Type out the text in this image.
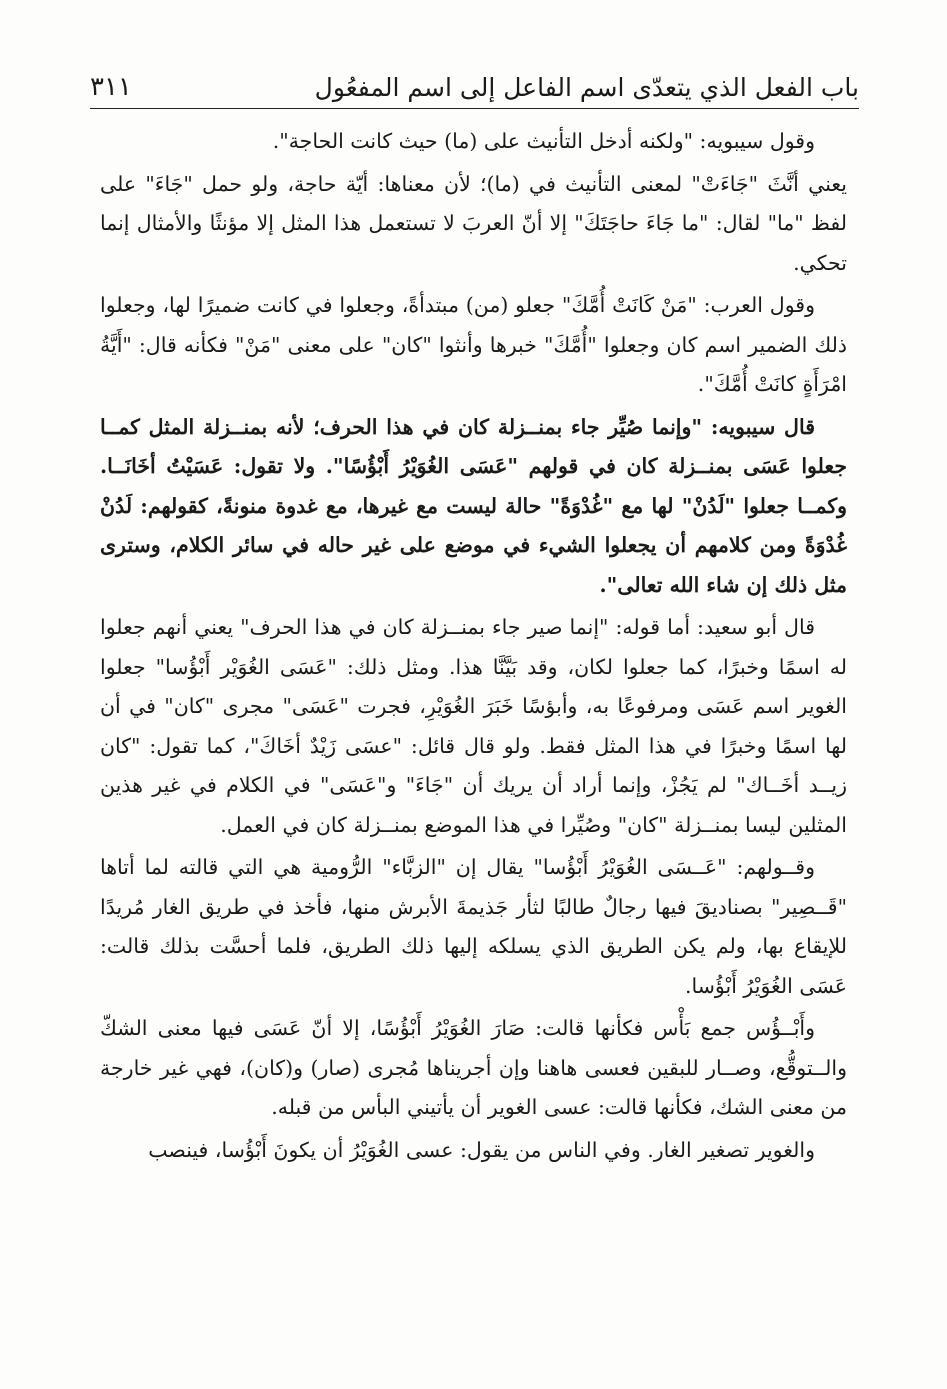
باب الفعل الذي يتعدّى اسم الفاعل إلى اسم المفعُول
٣١١

وقول سيبويه: "ولكنه أدخل التأنيث على (ما) حيث كانت الحاجة".

يعني أنَّثَ "جَاءَتْ" لمعنى التأنيث في (ما)؛ لأن معناها: أيّة حاجة، ولو حمل "جَاءَ" على لفظ "ما" لقال: "ما جَاءَ حاجَتَكَ" إلا أنّ العربَ لا تستعمل هذا المثل إلا مؤنثًا والأمثال إنما تحكي.

وقول العرب: "مَنْ كَانَتْ أُمَّكَ" جعلو (من) مبتدأةً، وجعلوا في كانت ضميرًا لها، وجعلوا ذلك الضمير اسم كان وجعلوا "أُمَّكَ" خبرها وأنثوا "كان" على معنى "مَنْ" فكأنه قال: "أَيَّةُ امْرَأَةٍ كانَتْ أُمَّكَ".

قال سيبويه: "وإنما صُيِّر جاء بمنــزلة كان في هذا الحرف؛ لأنه بمنــزلة المثل كمــا جعلوا عَسَى بمنــزلة كان في قولهم "عَسَى الغُوَيْرُ أَبْؤُسًا". ولا تقول: عَسَيْتُ أخَانَــا. وكمــا جعلوا "لَدُنْ" لها مع "غُدْوَةً" حالة ليست مع غيرها، مع غدوة منونةً، كقولهم: لَدُنْ غُدْوَةً ومن كلامهم أن يجعلوا الشيء في موضع على غير حاله في سائر الكلام، وسترى مثل ذلك إن شاء الله تعالى".

قال أبو سعيد: أما قوله: "إنما صير جاء بمنــزلة كان في هذا الحرف" يعني أنهم جعلوا له اسمًا وخبرًا، كما جعلوا لكان، وقد بَيَّنَّا هذا. ومثل ذلك: "عَسَى الغُوَيْر أَبْؤُسا" جعلوا الغوير اسم عَسَى ومرفوعًا به، وأبؤسًا خَبَرَ الغُوَيْرِ، فجرت "عَسَى" مجرى "كان" في أن لها اسمًا وخبرًا في هذا المثل فقط. ولو قال قائل: "عسَى زَيْدٌ أخَاكَ"، كما تقول: "كان زيــد أخَــاك" لم يَجُزْ، وإنما أراد أن يريك أن "جَاءَ" و"عَسَى" في الكلام في غير هذين المثلين ليسا بمنــزلة "كان" وصُيِّرا في هذا الموضع بمنــزلة كان في العمل.

وقــولهم: "عَــسَى الغُوَيْرُ أَبْؤُسا" يقال إن "الزبَّاء" الرُّومية هي التي قالته لما أتاها "قَــصِير" بصناديقَ فيها رجالٌ طالبًا لثأر جَذيمةَ الأبرش منها، فأخذ في طريق الغار مُريدًا للإيقاع بها، ولم يكن الطريق الذي يسلكه إليها ذلك الطريق، فلما أحسَّت بذلك قالت: عَسَى الغُوَيْرُ أَبْؤُسا.

وأَبْــؤُس جمع بَأْس فكأنها قالت: صَارَ الغُوَيْرُ أَبْؤُسًا، إلا أنّ عَسَى فيها معنى الشكّ والــتوقُّع، وصــار للبقين فعسى هاهنا وإن أجريناها مُجرى (صار) و(كان)، فهي غير خارجة من معنى الشك، فكأنها قالت: عسى الغوير أن يأتيني البأس من قبله.

والغوير تصغير الغار. وفي الناس من يقول: عسى الغُوَيْرُ أن يكونَ أَبْؤُسا، فينصب
